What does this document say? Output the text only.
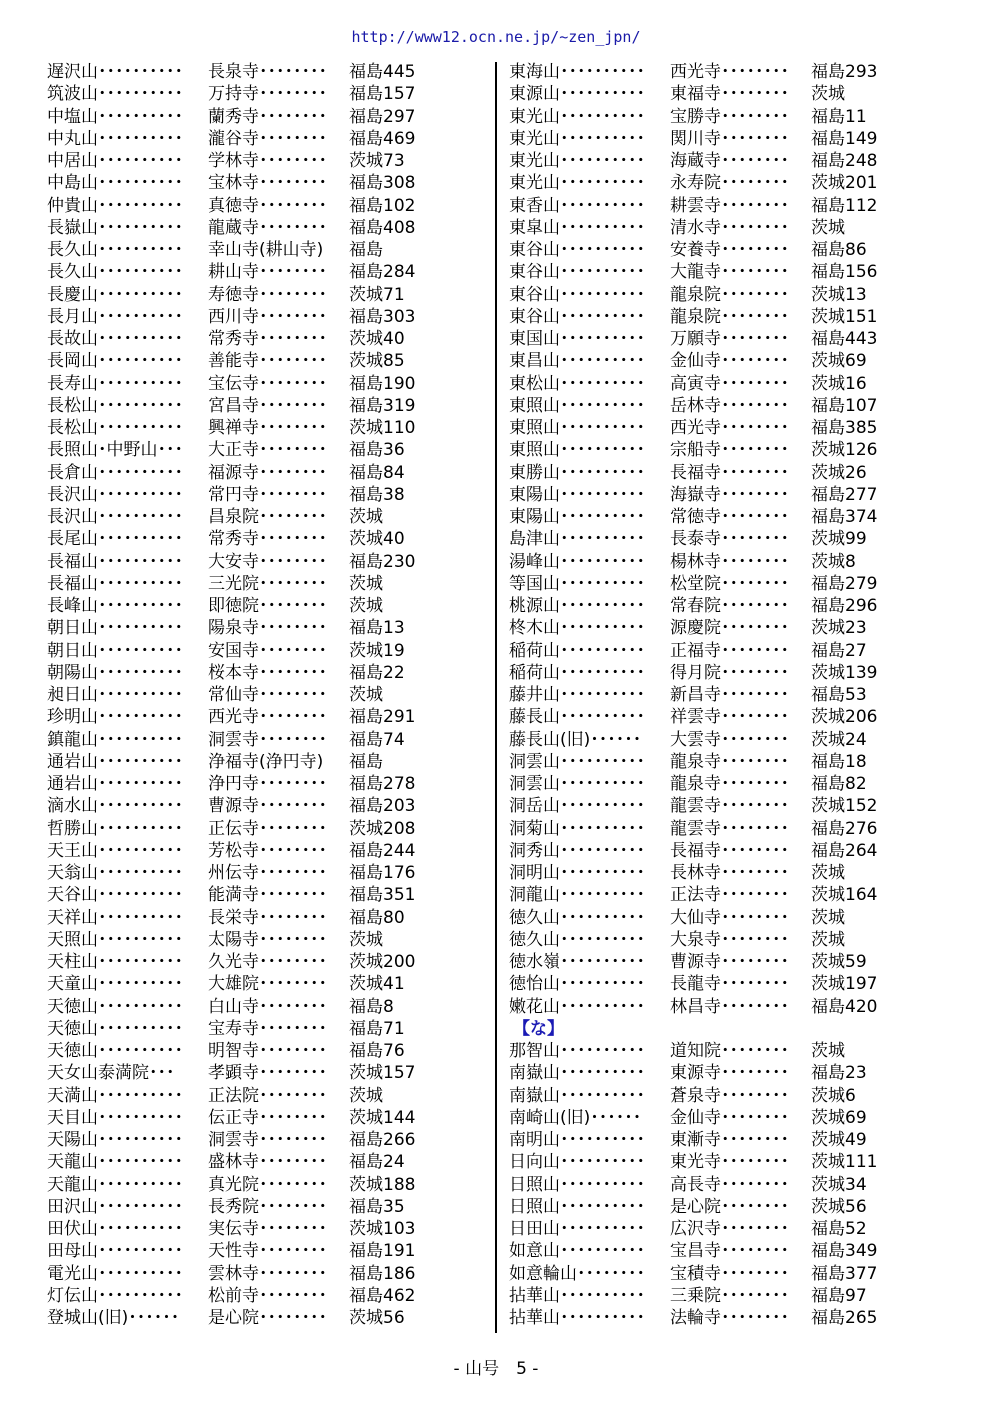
http://www12.ocn.ne.jp/~zen_jpn/
遅沢山･･････････ 長泉寺････････ 福島445
筑波山･･････････ 万持寺････････ 福島157
中塩山･･････････ 蘭秀寺････････ 福島297
中丸山･･････････ 瀧谷寺････････ 福島469
中居山･･････････ 学林寺････････ 茨城73
中島山･･････････ 宝林寺････････ 福島308
仲貴山･･････････ 真徳寺････････ 福島102
長嶽山･･････････ 龍蔵寺････････ 福島408
長久山･･････････ 幸山寺(耕山寺) 福島
長久山･･････････ 耕山寺････････ 福島284
長慶山･･････････ 寿徳寺････････ 茨城71
長月山･･････････ 西川寺････････ 福島303
長故山･･････････ 常秀寺････････ 茨城40
長岡山･･････････ 善能寺････････ 茨城85
長寿山･･････････ 宝伝寺････････ 福島190
長松山･･････････ 宮昌寺････････ 福島319
長松山･･････････ 興禅寺････････ 茨城110
長照山･中野山･･･ 大正寺････････ 福島36
長倉山･･････････ 福源寺････････ 福島84
長沢山･･････････ 常円寺････････ 福島38
長沢山･･････････ 昌泉院････････ 茨城
長尾山･･････････ 常秀寺････････ 茨城40
長福山･･････････ 大安寺････････ 福島230
長福山･･････････ 三光院････････ 茨城
長峰山･･････････ 即徳院････････ 茨城
朝日山･･････････ 陽泉寺････････ 福島13
朝日山･･････････ 安国寺････････ 茨城19
朝陽山･･････････ 桜本寺････････ 福島22
昶日山･･････････ 常仙寺････････ 茨城
珍明山･･････････ 西光寺････････ 福島291
鎮龍山･･････････ 洞雲寺････････ 福島74
通岩山･･････････ 浄福寺(浄円寺) 福島
通岩山･･････････ 浄円寺････････ 福島278
滴水山･･････････ 曹源寺････････ 福島203
哲勝山･･････････ 正伝寺････････ 茨城208
天王山･･････････ 芳松寺････････ 福島244
天翁山･･････････ 州伝寺････････ 福島176
天谷山･･････････ 能満寺････････ 福島351
天祥山･･････････ 長栄寺････････ 福島80
天照山･･････････ 太陽寺････････ 茨城
天柱山･･････････ 久光寺････････ 茨城200
天童山･･････････ 大雄院････････ 茨城41
天徳山･･････････ 白山寺････････ 福島8
天徳山･･････････ 宝寿寺････････ 福島71
天徳山･･････････ 明智寺････････ 福島76
天女山泰満院･･･ 孝顕寺････････ 茨城157
天満山･･････････ 正法院････････ 茨城
天目山･･････････ 伝正寺････････ 茨城144
天陽山･･････････ 洞雲寺････････ 福島266
天龍山･･････････ 盛林寺････････ 福島24
天龍山･･････････ 真光院････････ 茨城188
田沢山･･････････ 長秀院････････ 福島35
田伏山･･････････ 実伝寺････････ 茨城103
田母山･･････････ 天性寺････････ 福島191
電光山･･････････ 雲林寺････････ 福島186
灯伝山･･････････ 松前寺････････ 福島462
登城山(旧)･･････ 是心院････････ 茨城56
東海山･･････････ 西光寺････････ 福島293
東源山･･････････ 東福寺････････ 茨城
東光山･･････････ 宝勝寺････････ 福島11
東光山･･････････ 関川寺････････ 福島149
東光山･･････････ 海蔵寺････････ 福島248
東光山･･････････ 永寿院････････ 茨城201
東香山･･････････ 耕雲寺････････ 福島112
東皐山･･････････ 清水寺････････ 茨城
東谷山･･････････ 安養寺････････ 福島86
東谷山･･････････ 大龍寺････････ 福島156
東谷山･･････････ 龍泉院････････ 茨城13
東谷山･･････････ 龍泉院････････ 茨城151
東国山･･････････ 万願寺････････ 福島443
東昌山･･････････ 金仙寺････････ 茨城69
東松山･･････････ 高寅寺････････ 茨城16
東照山･･････････ 岳林寺････････ 福島107
東照山･･････････ 西光寺････････ 福島385
東照山･･････････ 宗船寺････････ 茨城126
東勝山･･････････ 長福寺････････ 茨城26
東陽山･･････････ 海嶽寺････････ 福島277
東陽山･･････････ 常徳寺････････ 福島374
島津山･･････････ 長泰寺････････ 茨城99
湯峰山･･････････ 楊林寺････････ 茨城8
等国山･･････････ 松堂院････････ 福島279
桃源山･･････････ 常春院････････ 福島296
柊木山･･････････ 源慶院････････ 茨城23
稲荷山･･････････ 正福寺････････ 福島27
稲荷山･･････････ 得月院････････ 茨城139
藤井山･･････････ 新昌寺････････ 福島53
藤長山･･････････ 祥雲寺････････ 茨城206
藤長山(旧)･･････ 大雲寺････････ 茨城24
洞雲山･･････････ 龍泉寺････････ 福島18
洞雲山･･････････ 龍泉寺････････ 福島82
洞岳山･･････････ 龍雲寺････････ 茨城152
洞菊山･･････････ 龍雲寺････････ 福島276
洞秀山･･････････ 長福寺････････ 福島264
洞明山･･････････ 長林寺････････ 茨城
洞龍山･･････････ 正法寺････････ 茨城164
徳久山･･････････ 大仙寺････････ 茨城
徳久山･･････････ 大泉寺････････ 茨城
徳水嶺･･････････ 曹源寺････････ 茨城59
徳怡山･･････････ 長龍寺････････ 茨城197
嫩花山･･････････ 林昌寺････････ 福島420
【な】
那智山･･････････ 道知院････････ 茨城
南嶽山･･････････ 東源寺････････ 福島23
南嶽山･･････････ 蒼泉寺････････ 茨城6
南崎山(旧)･･････ 金仙寺････････ 茨城69
南明山･･････････ 東漸寺････････ 茨城49
日向山･･････････ 東光寺････････ 茨城111
日照山･･････････ 高長寺････････ 茨城34
日照山･･････････ 是心院････････ 茨城56
日田山･･････････ 広沢寺････････ 福島52
如意山･･････････ 宝昌寺････････ 福島349
如意輪山････････ 宝積寺････････ 福島377
拈華山･･････････ 三乗院････････ 福島97
拈華山･･････････ 法輪寺････････ 福島265
- 山号　5 -
